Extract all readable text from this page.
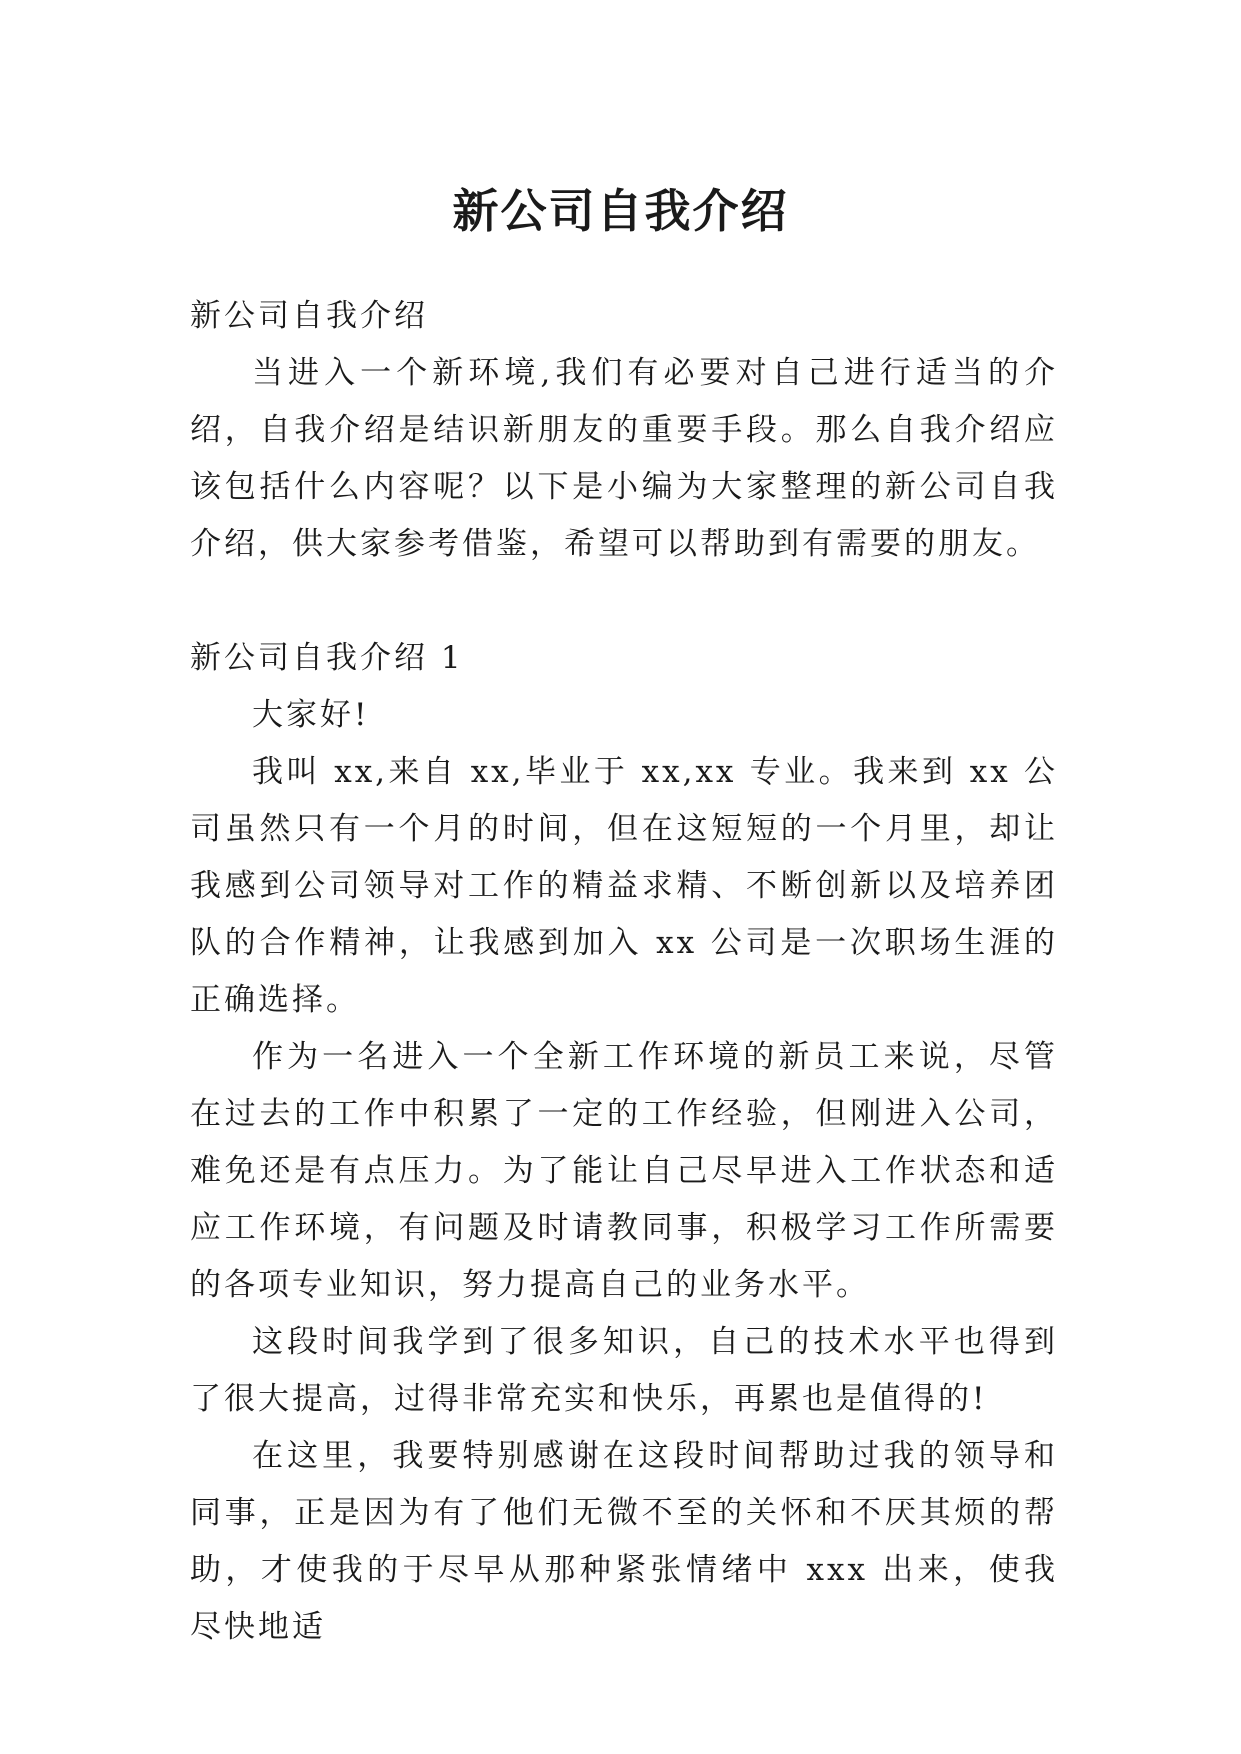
新公司自我介绍

新公司自我介绍

当进入一个新环境,我们有必要对自己进行适当的介绍，自我介绍是结识新朋友的重要手段。那么自我介绍应该包括什么内容呢？以下是小编为大家整理的新公司自我介绍，供大家参考借鉴，希望可以帮助到有需要的朋友。

新公司自我介绍 1

大家好!

我叫 xx,来自 xx,毕业于 xx,xx 专业。我来到 xx 公司虽然只有一个月的时间，但在这短短的一个月里，却让我感到公司领导对工作的精益求精、不断创新以及培养团队的合作精神，让我感到加入 xx 公司是一次职场生涯的正确选择。

作为一名进入一个全新工作环境的新员工来说，尽管在过去的工作中积累了一定的工作经验，但刚进入公司，难免还是有点压力。为了能让自己尽早进入工作状态和适应工作环境，有问题及时请教同事，积极学习工作所需要的各项专业知识，努力提高自己的业务水平。

这段时间我学到了很多知识，自己的技术水平也得到了很大提高，过得非常充实和快乐，再累也是值得的!

在这里，我要特别感谢在这段时间帮助过我的领导和同事，正是因为有了他们无微不至的关怀和不厌其烦的帮助，才使我的于尽早从那种紧张情绪中 xxx 出来，使我尽快地适
